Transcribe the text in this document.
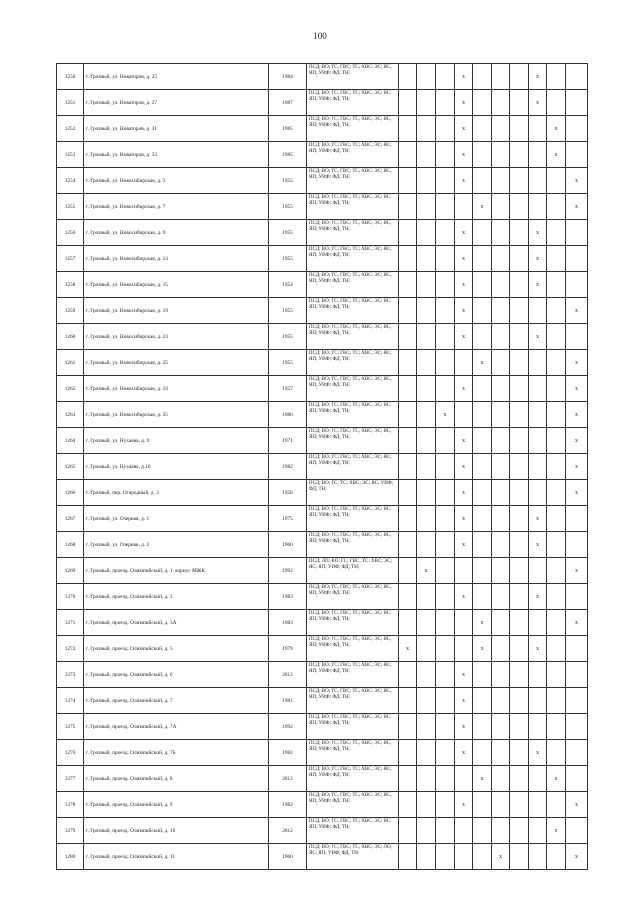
100
1250	г. Грозный, ул. Новаторов, д. 25	1984	ПСД; ВО; ГС; ГВС; ТС; ХВС; ЭС; ЯС; ЯП; УИФ; ФД; ТН;				x				x		
1251	г. Грозный, ул. Новаторов, д. 27	1987	ПСД; ВО; ГС; ГВС; ТС; ХВС; ЭС; ЯС; ЯП; УИФ; ФД; ТН;				x				x		
1252	г. Грозный, ул. Новаторов, д. 31	1985	ПСД; ВО; ГС; ГВС; ТС; ХВС; ЭС; ЯС; ЯП; УИФ; ФД; ТН;				x					x	
1253	г. Грозный, ул. Новаторов, д. 33	1985	ПСД; ВО; ГС; ГВС; ТС; ХВС; ЭС; ЯС; ЯП; УИФ; ФД; ТН;				x					x	
1254	г. Грозный, ул. Новосибирская, д. 3	1955	ПСД; ВО; ГС; ГВС; ТС; ХВС; ЭС; ЯС; ЯП; УИФ; ФД; ТН;				x						x
1255	г. Грозный, ул. Новосибирская, д. 7	1955	ПСД; ВО; ГС; ГВС; ТС; ХВС; ЭС; ЯС; ЯП; УИФ; ФД; ТН;					x					x
1256	г. Грозный, ул. Новосибирская, д. 9	1955	ПСД; ВО; ГС; ГВС; ТС; ХВС; ЭС; ЯС; ЯП; УИФ; ФД; ТН;				x				x		
1257	г. Грозный, ул. Новосибирская, д. 13	1955	ПСД; ВО; ГС; ГВС; ТС; ХВС; ЭС; ЯС; ЯП; УИФ; ФД; ТН;				x				x		
1258	г. Грозный, ул. Новосибирская, д. 15	1954	ПСД; ВО; ГС; ГВС; ТС; ХВС; ЭС; ЯС; ЯП; УИФ; ФД; ТН;				x				x		
1259	г. Грозный, ул. Новосибирская, д. 19	1955	ПСД; ВО; ГС; ГВС; ТС; ХВС; ЭС; ЯС; ЯП; УИФ; ФД; ТН;				x						x
1260	г. Грозный, ул. Новосибирская, д. 23	1955	ПСД; ВО; ГС; ГВС; ТС; ХВС; ЭС; ЯС; ЯП; УИФ; ФД; ТН;				x				x		
1261	г. Грозный, ул. Новосибирская, д. 25	1955	ПСД; ВО; ГС; ГВС; ТС; ХВС; ЭС; ЯС; ЯП; УИФ; ФД; ТН;					x					x
1262	г. Грозный, ул. Новосибирская, д. 33	1957	ПСД; ВО; ГС; ГВС; ТС; ХВС; ЭС; ЯС; ЯП; УИФ; ФД; ТН;				x						x
1263	г. Грозный, ул. Новосибирская, д. 35	1986	ПСД; ВО; ГС; ГВС; ТС; ХВС; ЭС; ЯС; ЯП; УИФ; ФД; ТН;			x							x
1264	г. Грозный, ул. Нухаева, д. 9	1971	ПСД; ВО; ГС; ГВС; ТС; ХВС; ЭС; ЯС; ЯП; УИФ; ФД; ТН;				x						x
1265	г. Грозный, ул. Нухаева, д.10	1982	ПСД; ВО; ГС; ГВС; ТС; ХВС; ЭС; ЯС; ЯП; УИФ; ФД; ТН;				x						x
1266	г. Грозный, пер. Огородный, д. 3	1956	ПСД; ВО; ГС; ТС; ХВС; ЭС; ЯС; УИФ; ФД; ТН;				x						x
1267	г. Грозный, ул. Озерная, д. 1	1975	ПСД; ВО; ГС; ГВС; ТС; ХВС; ЭС; ЯС; ЯП; УИФ; ФД; ТН;				x				x		
1268	г. Грозный, ул. Озерная, д. 2	1960	ПСД; ВО; ГС; ГВС; ТС; ХВС; ЭС; ЯС; ЯП; УИФ; ФД; ТН;				x				x		
1269	г. Грозный, проезд. Олимпийский, д. 1, корпус МЖК	1992	ПСД; ЛП; ВО; ГС; ГВС; ТС; ХВС; ЭС; ЯС; ЯП; УИФ; ФД; ТН;		x								x
1270	г. Грозный, проезд. Олимпийский, д. 3	1983	ПСД; ВО; ГС; ГВС; ТС; ХВС; ЭС; ЯС; ЯП; УИФ; ФД; ТН;				x				x		
1271	г. Грозный, проезд. Олимпийский, д. 3А	1983	ПСД; ВО; ГС; ГВС; ТС; ХВС; ЭС; ЯС; ЯП; УИФ; ФД; ТН;					x					x
1272	г. Грозный, проезд. Олимпийский, д. 5	1979	ПСД; ВО; ГС; ГВС; ТС; ХВС; ЭС; ЯС; ЯП; УИФ; ФД; ТН;	x				x			x		
1273	г. Грозный, проезд. Олимпийский, д. 6	2012	ПСД; ВО; ГС; ГВС; ТС; ХВС; ЭС; ЯС; ЯП; УИФ; ФД; ТН;				x						
1274	г. Грозный, проезд. Олимпийский, д. 7	1981	ПСД; ВО; ГС; ГВС; ТС; ХВС; ЭС; ЯС; ЯП; УИФ; ФД; ТН;				x						
1275	г. Грозный, проезд. Олимпийский, д. 7А	1992	ПСД; ВО; ГС; ГВС; ТС; ХВС; ЭС; ЯС; ЯП; УИФ; ФД; ТН;				x						
1276	г. Грозный, проезд. Олимпийский, д. 7Б	1982	ПСД; ВО; ГС; ГВС; ТС; ХВС; ЭС; ЯС; ЯП; УИФ; ФД; ТН;				x				x		
1277	г. Грозный, проезд. Олимпийский, д. 8	2012	ПСД; ВО; ГС; ГВС; ТС; ХВС; ЭС; ЯС; ЯП; УИФ; ФД; ТН;					x				x	
1278	г. Грозный, проезд. Олимпийский, д. 9	1982	ПСД; ВО; ГС; ГВС; ТС; ХВС; ЭС; ЯС; ЯП; УИФ; ФД; ТН;				x						x
1279	г. Грозный, проезд. Олимпийский, д. 10	2012	ПСД; ВО; ГС; ГВС; ТС; ХВС; ЭС; ЯС; ЯП; УИФ; ФД; ТН;									x	
1280	г. Грозный, проезд. Олимпийский, д. 11	1960	ПСД; ВО; ГС; ГВС; ТС; ХВС; ЭС; ЛО; ЯС; ЯП; УИФ; ФД; ТН;						x				x
